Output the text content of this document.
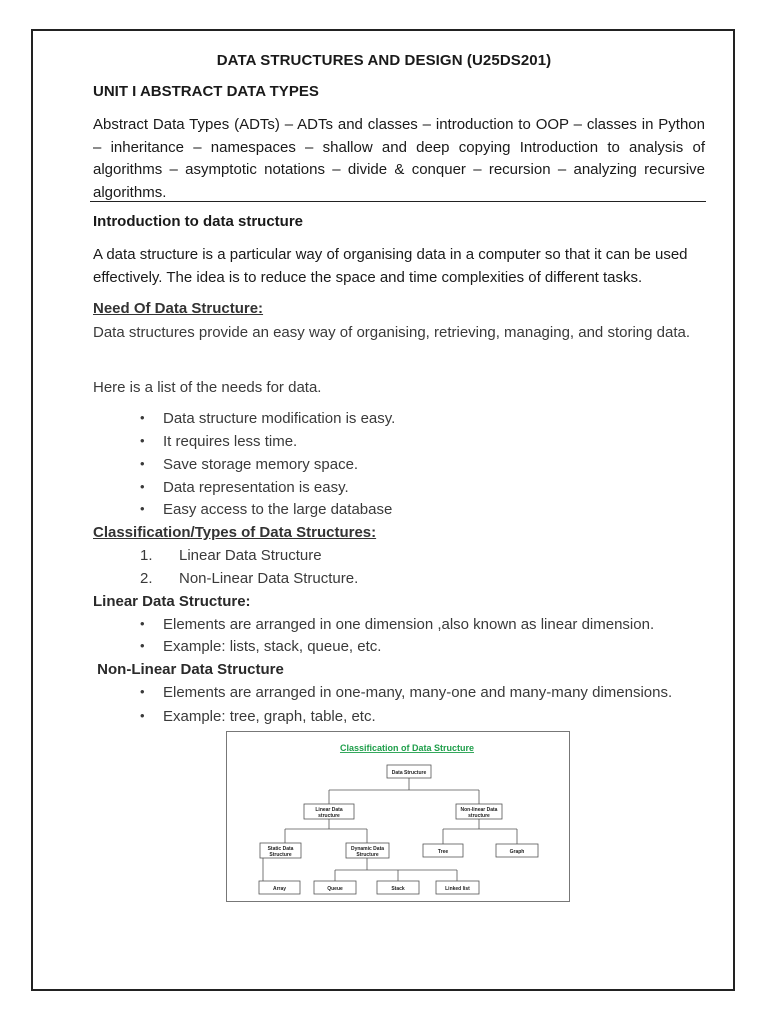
DATA STRUCTURES AND DESIGN (U25DS201)

UNIT I ABSTRACT DATA TYPES

Abstract Data Types (ADTs) – ADTs and classes – introduction to OOP – classes in Python – inheritance – namespaces – shallow and deep copying Introduction to analysis of algorithms – asymptotic notations – divide & conquer – recursion – analyzing recursive algorithms.

Introduction to data structure

A data structure is a particular way of organising data in a computer so that it can be used effectively. The idea is to reduce the space and time complexities of different tasks.

Need Of Data Structure:

Data structures provide an easy way of organising, retrieving, managing, and storing data.

Here is a list of the needs for data.

• Data structure modification is easy.
• It requires less time.
• Save storage memory space.
• Data representation is easy.
• Easy access to the large database

Classification/Types of Data Structures:

1. Linear Data Structure
2. Non-Linear Data Structure.

Linear Data Structure:

• Elements are arranged in one dimension ,also known as linear dimension.
• Example: lists, stack, queue, etc.

Non-Linear Data Structure

• Elements are arranged in one-many, many-one and many-many dimensions.
• Example: tree, graph, table, etc.
Classification of Data Structure
Data Structure
Linear Data
structure
Non-linear Data
structure
Static Data
Structure
Dynamic Data
Structure	Tree	Graph
Array	Queue	Stack	Linked list
